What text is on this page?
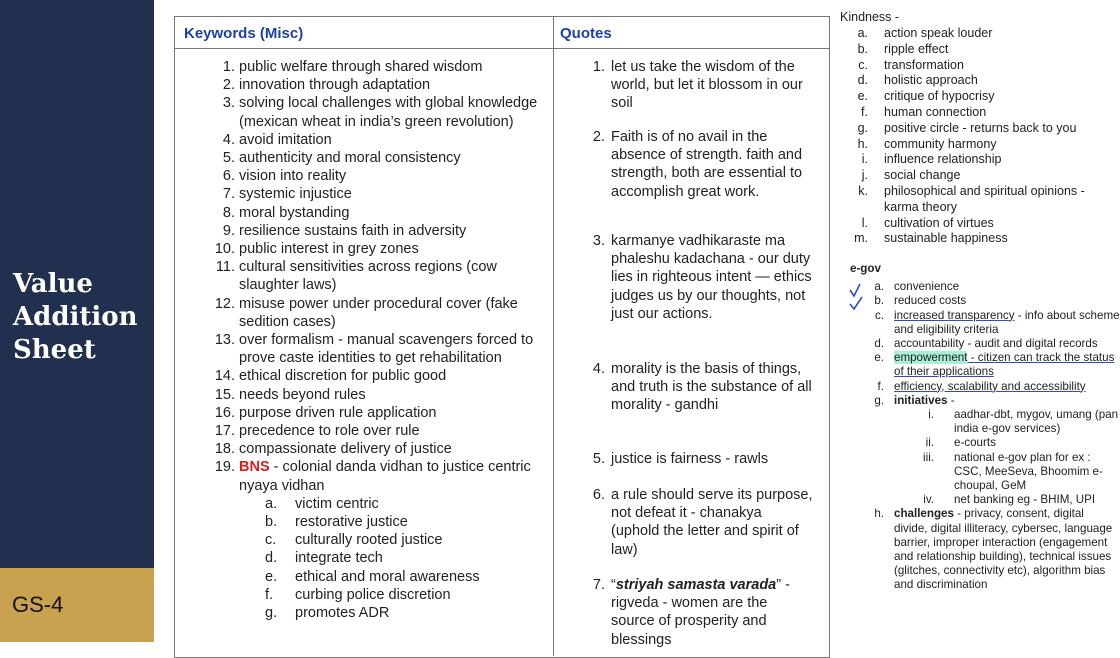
Value
Addition
Sheet
GS-4
Keywords (Misc)	Quotes
1. public welfare through shared wisdom
2. innovation through adaptation
3. solving local challenges with global knowledge (mexican wheat in india’s green revolution)
4. avoid imitation
5. authenticity and moral consistency
6. vision into reality
7. systemic injustice
8. moral bystanding
9. resilience sustains faith in adversity
10. public interest in grey zones
11. cultural sensitivities across regions (cow slaughter laws)
12. misuse power under procedural cover (fake sedition cases)
13. over formalism - manual scavengers forced to prove caste identities to get rehabilitation
14. ethical discretion for public good
15. needs beyond rules
16. purpose driven rule application
17. precedence to role over rule
18. compassionate delivery of justice
19. BNS - colonial danda vidhan to justice centric nyaya vidhan
a.	victim centric
b.	restorative justice
c.	culturally rooted justice
d.	integrate tech
e.	ethical and moral awareness
f.	curbing police discretion
g.	promotes ADR
1. let us take the wisdom of the world, but let it blossom in our soil
2. Faith is of no avail in the absence of strength. faith and strength, both are essential to accomplish great work.
3. karmanye vadhikaraste ma phaleshu kadachana - our duty lies in righteous intent — ethics judges us by our thoughts, not just our actions.
4. morality is the basis of things, and truth is the substance of all morality - gandhi
5. justice is fairness - rawls
6. a rule should serve its purpose, not defeat it - chanakya (uphold the letter and spirit of law)
7. “striyah samasta varada” - rigveda - women are the source of prosperity and blessings
Kindness -
a.	action speak louder
b.	ripple effect
c.	transformation
d.	holistic approach
e.	critique of hypocrisy
f.	human connection
g.	positive circle - returns back to you
h.	community harmony
i.	influence relationship
j.	social change
k.	philosophical and spiritual opinions - karma theory
l.	cultivation of virtues
m.	sustainable happiness
e-gov
a. convenience
b. reduced costs
c. increased transparency - info about scheme and eligibility criteria
d. accountability - audit and digital records
e. empowerment - citizen can track the status of their applications
f. efficiency, scalability and accessibility
g. initiatives -
i.	aadhar-dbt, mygov, umang (pan india e-gov services)
ii.	e-courts
iii.	national e-gov plan for ex : CSC, MeeSeva, Bhoomim e-choupal, GeM
iv.	net banking eg - BHIM, UPI
h. challenges - privacy, consent, digital divide, digital illiteracy, cybersec, language barrier, improper interaction (engagement and relationship building), technical issues (glitches, connectivity etc), algorithm bias and discrimination
